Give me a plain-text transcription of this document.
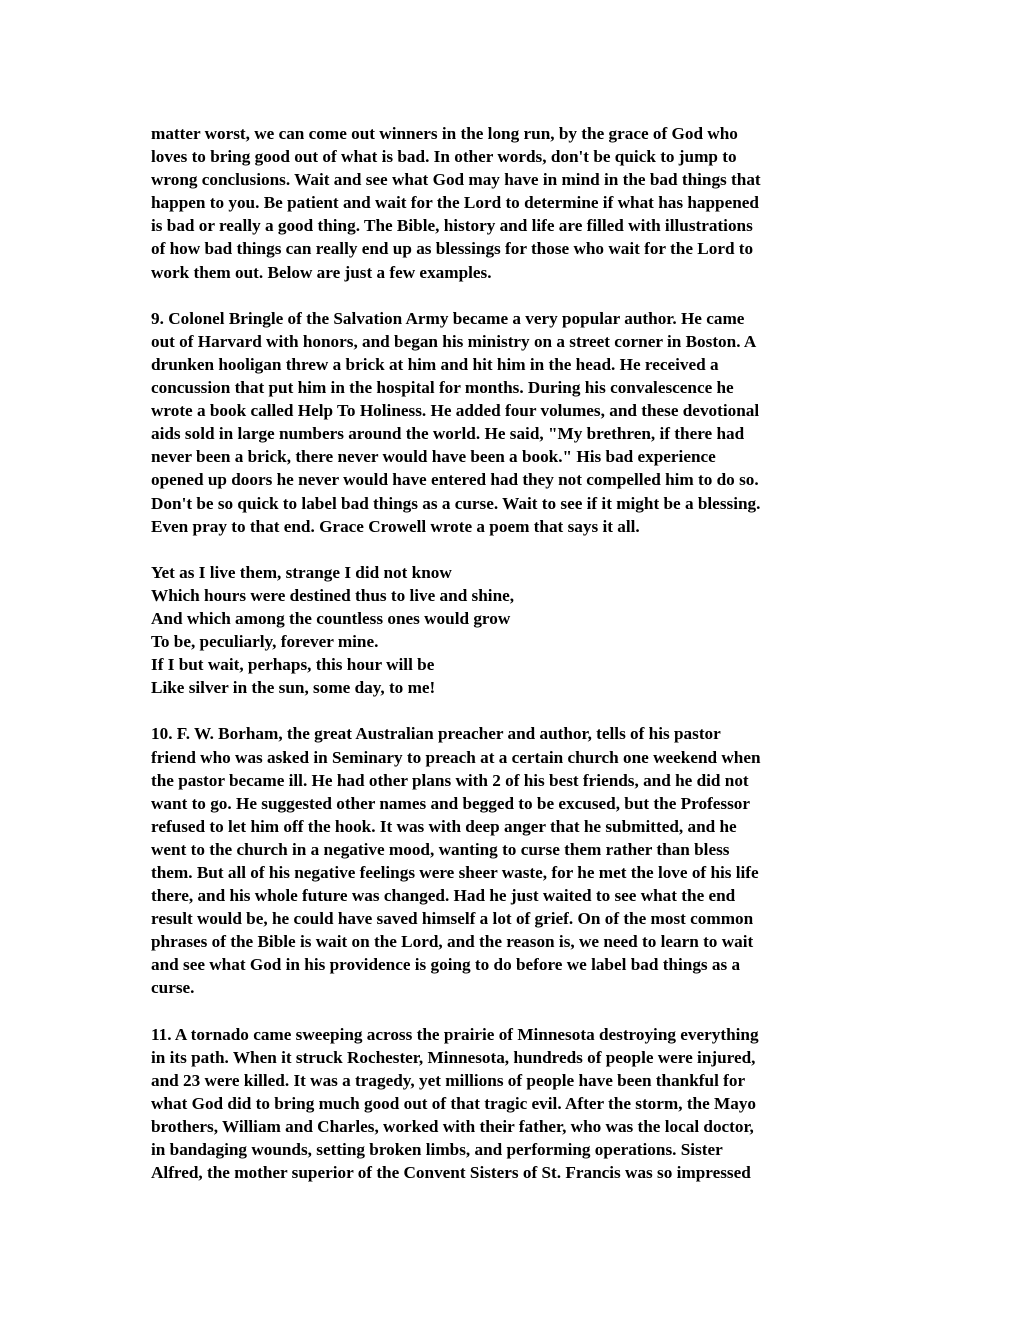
matter worst, we can come out winners in the long run, by the grace of God who
loves to bring good out of what is bad. In other words, don't be quick to jump to
wrong conclusions. Wait and see what God may have in mind in the bad things that
happen to you. Be patient and wait for the Lord to determine if what has happened
is bad or really a good thing. The Bible, history and life are filled with illustrations
of how bad things can really end up as blessings for those who wait for the Lord to
work them out. Below are just a few examples.
9. Colonel Bringle of the Salvation Army became a very popular author. He came
out of Harvard with honors, and began his ministry on a street corner in Boston. A
drunken hooligan threw a brick at him and hit him in the head. He received a
concussion that put him in the hospital for months. During his convalescence he
wrote a book called Help To Holiness. He added four volumes, and these devotional
aids sold in large numbers around the world. He said, "My brethren, if there had
never been a brick, there never would have been a book." His bad experience
opened up doors he never would have entered had they not compelled him to do so.
Don't be so quick to label bad things as a curse. Wait to see if it might be a blessing.
Even pray to that end. Grace Crowell wrote a poem that says it all.
Yet as I live them, strange I did not know
Which hours were destined thus to live and shine,
And which among the countless ones would grow
To be, peculiarly, forever mine.
If I but wait, perhaps, this hour will be
Like silver in the sun, some day, to me!
10. F. W. Borham, the great Australian preacher and author, tells of his pastor
friend who was asked in Seminary to preach at a certain church one weekend when
the pastor became ill. He had other plans with 2 of his best friends, and he did not
want to go. He suggested other names and begged to be excused, but the Professor
refused to let him off the hook. It was with deep anger that he submitted, and he
went to the church in a negative mood, wanting to curse them rather than bless
them. But all of his negative feelings were sheer waste, for he met the love of his life
there, and his whole future was changed. Had he just waited to see what the end
result would be, he could have saved himself a lot of grief. On of the most common
phrases of the Bible is wait on the Lord, and the reason is, we need to learn to wait
and see what God in his providence is going to do before we label bad things as a
curse.
11. A tornado came sweeping across the prairie of Minnesota destroying everything
in its path. When it struck Rochester, Minnesota, hundreds of people were injured,
and 23 were killed. It was a tragedy, yet millions of people have been thankful for
what God did to bring much good out of that tragic evil. After the storm, the Mayo
brothers, William and Charles, worked with their father, who was the local doctor,
in bandaging wounds, setting broken limbs, and performing operations. Sister
Alfred, the mother superior of the Convent Sisters of St. Francis was so impressed
